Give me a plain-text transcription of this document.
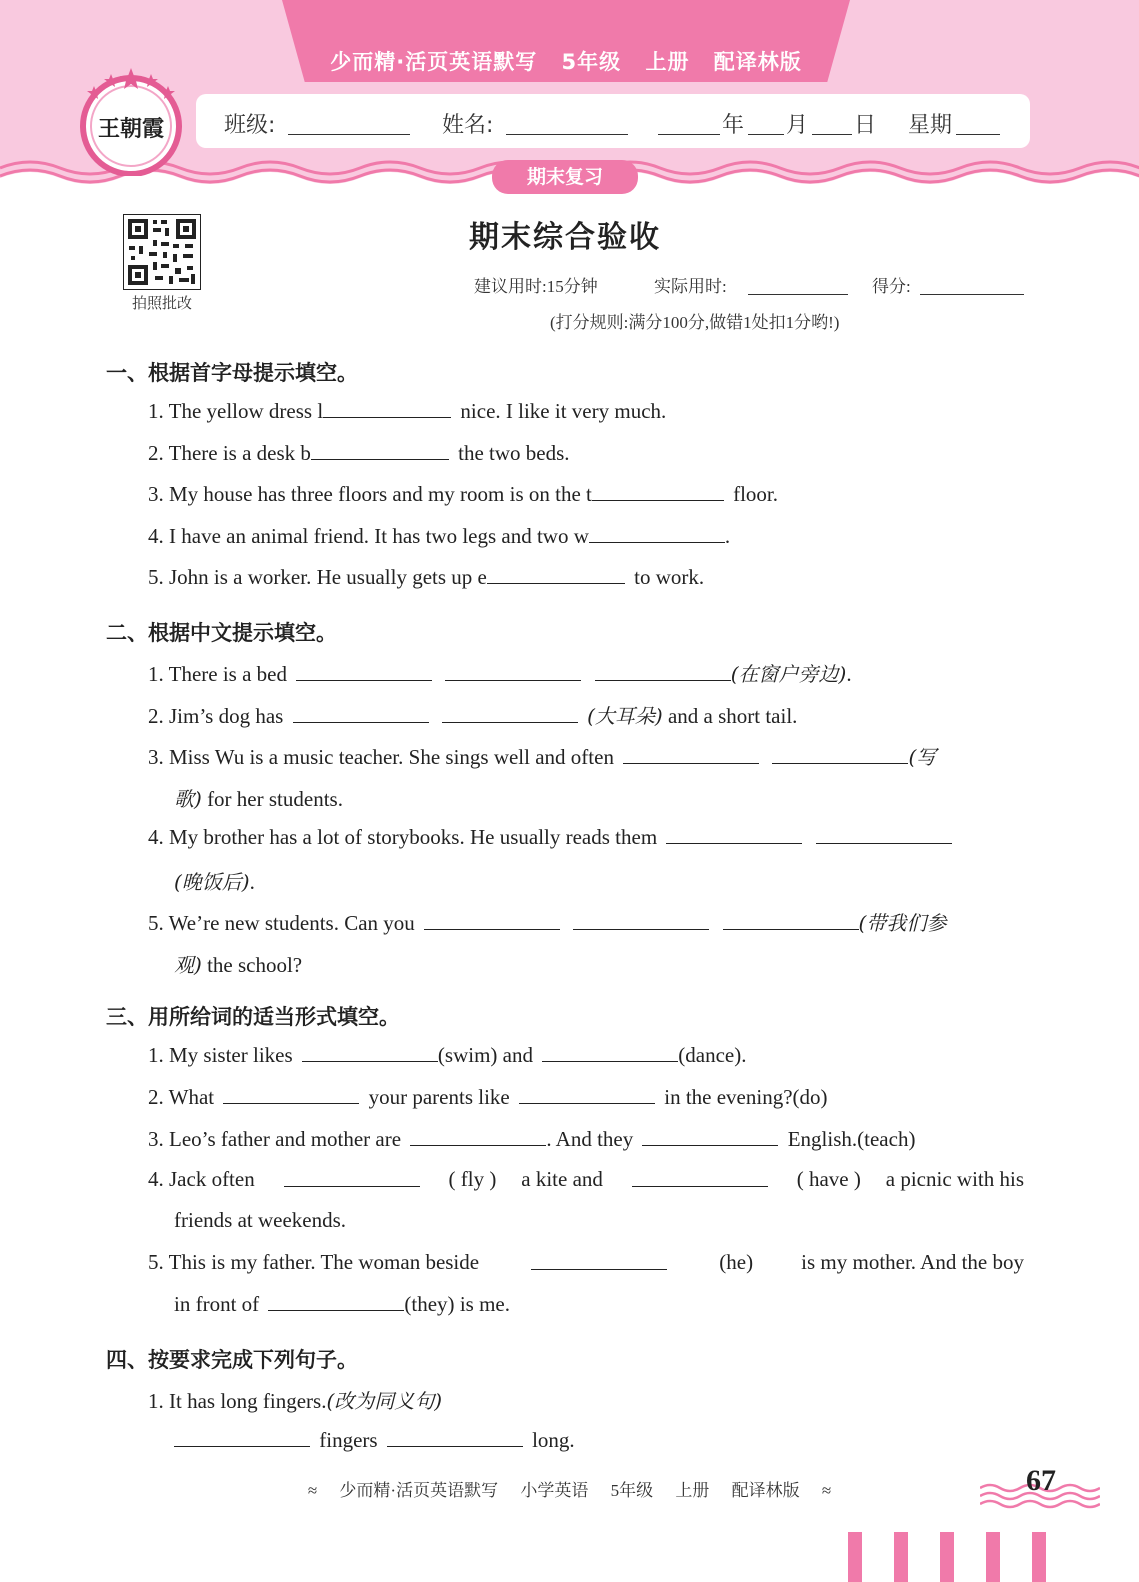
少而精·活页英语默写 5年级 上册 配译林版
班级:	姓名:	年 月 日 星期
王朝霞
期末复习
拍照批改
期末综合验收
建议用时:15分钟	实际用时:	得分:
(打分规则:满分100分,做错1处扣1分哟!)
一、根据首字母提示填空。
1. The yellow dress l	nice. I like it very much.
2. There is a desk b	the two beds.
3. My house has three floors and my room is on the t	floor.
4. I have an animal friend. It has two legs and two w	.
5. John is a worker. He usually gets up e	to work.
二、根据中文提示填空。
1. There is a bed	(在窗户旁边).
2. Jim’s dog has	(大耳朵) and a short tail.
3. Miss Wu is a music teacher. She sings well and often	(写
歌) for her students.
4. My brother has a lot of storybooks. He usually reads them
(晚饭后).
5. We’re new students. Can you	(带我们参
观) the school?
三、用所给词的适当形式填空。
1. My sister likes	(swim) and	(dance).
2. What	your parents like	in the evening?(do)
3. Leo’s father and mother are	. And they	English.(teach)
4. Jack often	( fly ) a kite and	( have ) a picnic with his
friends at weekends.
5. This is my father. The woman beside	(he) is my mother. And the boy
in front of	(they) is me.
四、按要求完成下列句子。
1. It has long fingers.(改为同义句)
fingers	long.
≈ 少而精·活页英语默写 小学英语 5年级 上册 配译林版 ≈	67
